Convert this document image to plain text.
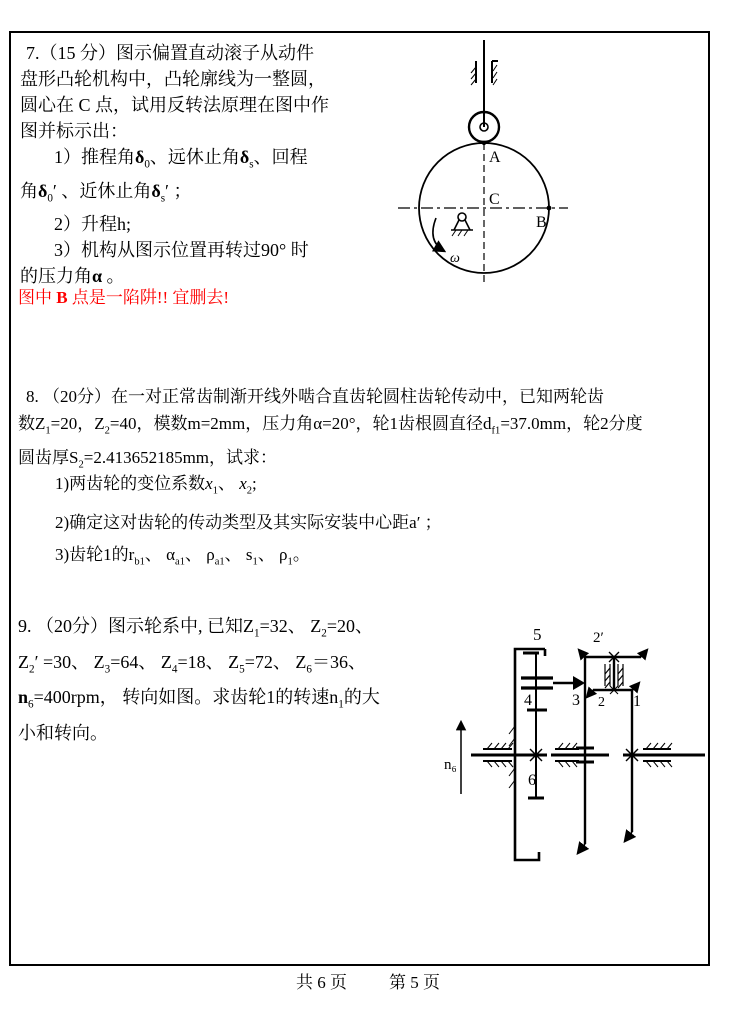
7.（15 分）图示偏置直动滚子从动件
盘形凸轮机构中，凸轮廓线为一整圆，
圆心在 C 点，试用反转法原理在图中作
图并标示出：
1）推程角$\delta_0$、远休止角$\delta_s$、回程
角$\delta_0'$ 、近休止角$\delta_s'$ ；
2）升程h;
3）机构从图示位置再转过90° 时
的压力角α 。
图中 B 点是一陷阱!! 宜删去!
A
C
B
ω
8. （20分）在一对正常齿制渐开线外啮合直齿轮圆柱齿轮传动中，已知两轮齿
数$Z_1=20$，$Z_2=40$，模数m=2mm，压力角α=20°，轮1齿根圆直径$d_{f1}=37.0mm$，轮2分度
圆齿厚$S_2=2.413652185mm$，试求：
1)两齿轮的变位系数$x_1$、 $x_2$;
2)确定这对齿轮的传动类型及其实际安装中心距a′ ；
3)齿轮1的$r_{b1}$、 $\alpha_{a1}$、 $\rho_{a1}$、 $s_1$、 $\rho_1$。
9. （20分）图示轮系中, 已知$Z_1=32$、 $Z_2=20$、
$Z_2' =30$、 $Z_3=64$、 $Z_4=18$、 $Z_5=72$、 $Z_6=36$、
$n_6=400rpm$， 转向如图。求齿轮1的转速$n_1$的大
小和转向。
5	2′
4	3 2 1
6
n₆
共 6 页 第 5 页
